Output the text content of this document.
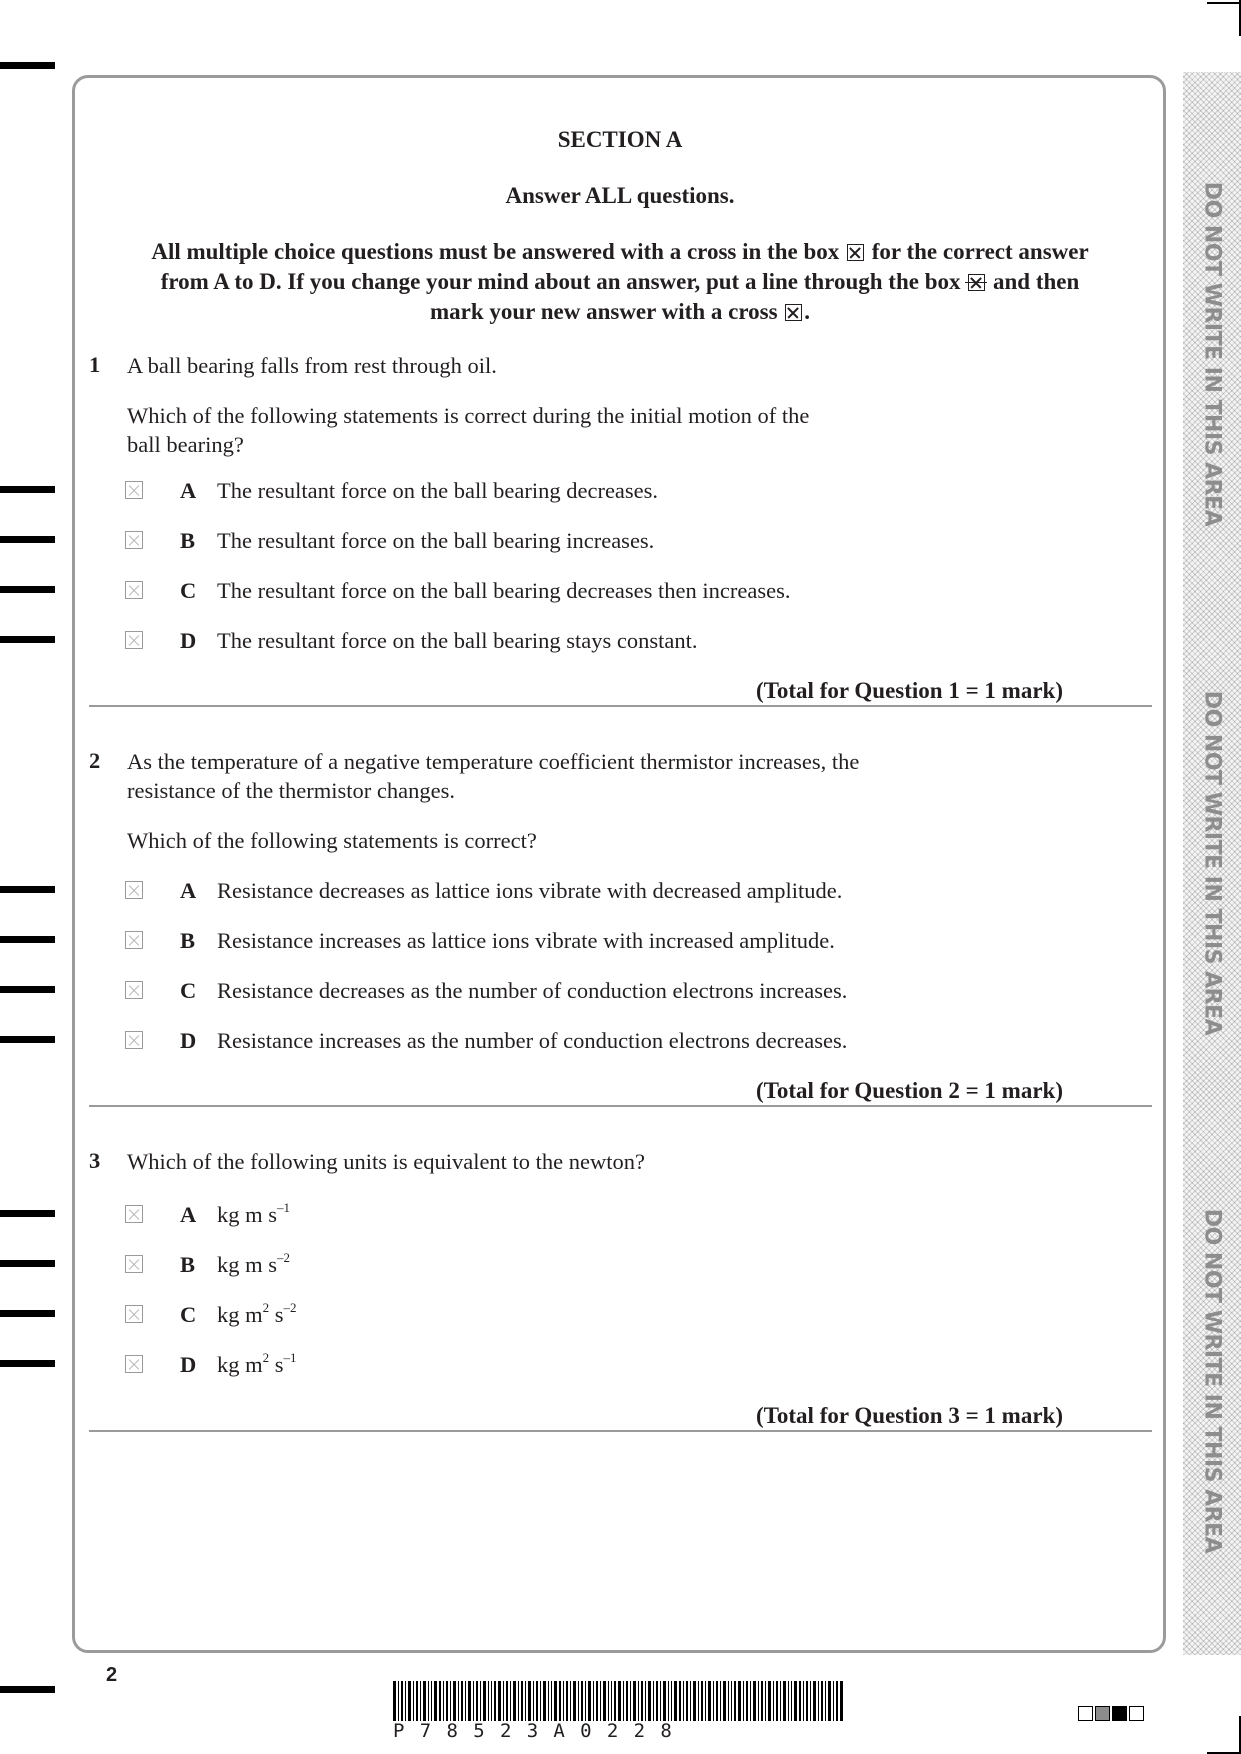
DO NOT WRITE IN THIS AREA
DO NOT WRITE IN THIS AREA
DO NOT WRITE IN THIS AREA
SECTION A
Answer ALL questions.
All multiple choice questions must be answered with a cross in the box ☒ for the correct answer
from A to D. If you change your mind about an answer, put a line through the box and then
mark your new answer with a cross ☒ .
1 A ball bearing falls from rest through oil.
Which of the following statements is correct during the initial motion of the
ball bearing?
A The resultant force on the ball bearing decreases.
B The resultant force on the ball bearing increases.
C The resultant force on the ball bearing decreases then increases.
D The resultant force on the ball bearing stays constant.
(Total for Question 1 = 1 mark)
2 As the temperature of a negative temperature coefficient thermistor increases, the
resistance of the thermistor changes.
Which of the following statements is correct?
A Resistance decreases as lattice ions vibrate with decreased amplitude.
B Resistance increases as lattice ions vibrate with increased amplitude.
C Resistance decreases as the number of conduction electrons increases.
D Resistance increases as the number of conduction electrons decreases.
(Total for Question 2 = 1 mark)
3 Which of the following units is equivalent to the newton?
A kg m $s^{-1}$
B kg m $s^{-2}$
C kg $m^2$ $s^{-2}$
D kg $m^2$ $s^{-1}$
(Total for Question 3 = 1 mark)
2
P78523A0228
